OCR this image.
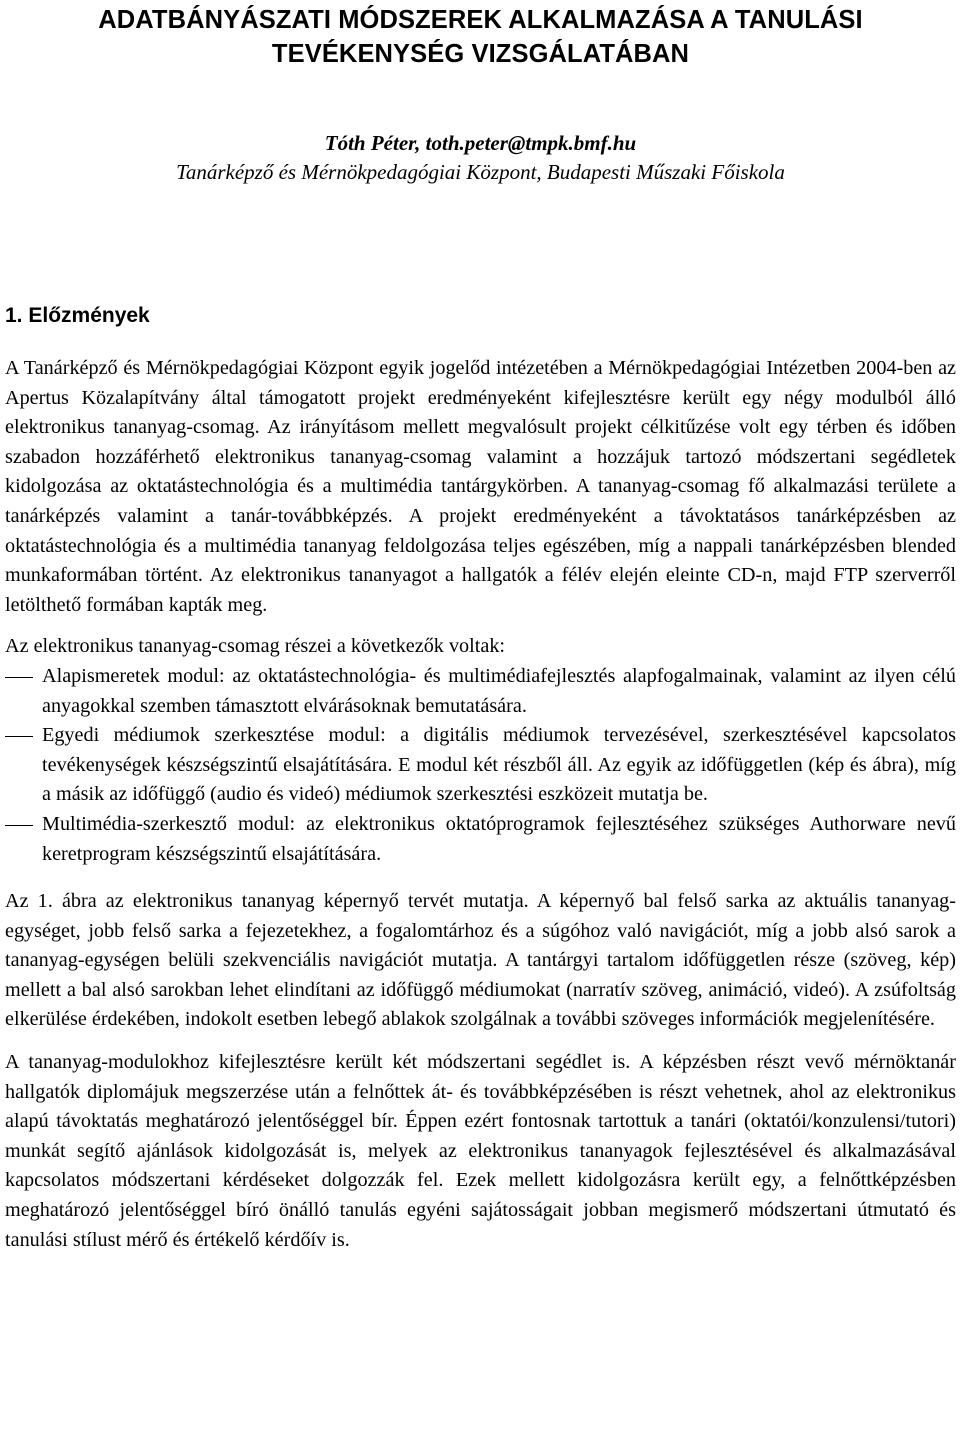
ADATBÁNYÁSZATI MÓDSZEREK ALKALMAZÁSA A TANULÁSI
TEVÉKENYSÉG VIZSGÁLATÁBAN

Tóth Péter, toth.peter@tmpk.bmf.hu

Tanárképző és Mérnökpedagógiai Központ, Budapesti Műszaki Főiskola

1. Előzmények

A Tanárképző és Mérnökpedagógiai Központ egyik jogelőd intézetében a Mérnökpedagógiai Intézetben 2004-ben az Apertus Közalapítvány által támogatott projekt eredményeként kifejlesztésre került egy négy modulból álló elektronikus tananyag-csomag. Az irányításom mellett megvalósult projekt célkitűzése volt egy térben és időben szabadon hozzáférhető elektronikus tananyag-csomag valamint a hozzájuk tartozó módszertani segédletek kidolgozása az oktatástechnológia és a multimédia tantárgykörben. A tananyag-csomag fő alkalmazási területe a tanárképzés valamint a tanár-továbbképzés. A projekt eredményeként a távoktatásos tanárképzésben az oktatástechnológia és a multimédia tananyag feldolgozása teljes egészében, míg a nappali tanárképzésben blended munkaformában történt. Az elektronikus tananyagot a hallgatók a félév elején eleinte CD-n, majd FTP szerverről letölthető formában kapták meg.

Az elektronikus tananyag-csomag részei a következők voltak:

Alapismeretek modul: az oktatástechnológia- és multimédiafejlesztés alapfogalmainak, valamint az ilyen célú anyagokkal szemben támasztott elvárásoknak bemutatására.
Egyedi médiumok szerkesztése modul: a digitális médiumok tervezésével, szerkesztésével kapcsolatos tevékenységek készségszintű elsajátítására. E modul két részből áll. Az egyik az időfüggetlen (kép és ábra), míg a másik az időfüggő (audio és videó) médiumok szerkesztési eszközeit mutatja be.
Multimédia-szerkesztő modul: az elektronikus oktatóprogramok fejlesztéséhez szükséges Authorware nevű keretprogram készségszintű elsajátítására.

Az 1. ábra az elektronikus tananyag képernyő tervét mutatja. A képernyő bal felső sarka az aktuális tananyag-egységet, jobb felső sarka a fejezetekhez, a fogalomtárhoz és a súgóhoz való navigációt, míg a jobb alsó sarok a tananyag-egységen belüli szekvenciális navigációt mutatja. A tantárgyi tartalom időfüggetlen része (szöveg, kép) mellett a bal alsó sarokban lehet elindítani az időfüggő médiumokat (narratív szöveg, animáció, videó). A zsúfoltság elkerülése érdekében, indokolt esetben lebegő ablakok szolgálnak a további szöveges információk megjelenítésére.

A tananyag-modulokhoz kifejlesztésre került két módszertani segédlet is. A képzésben részt vevő mérnöktanár hallgatók diplomájuk megszerzése után a felnőttek át- és továbbképzésében is részt vehetnek, ahol az elektronikus alapú távoktatás meghatározó jelentőséggel bír. Éppen ezért fontosnak tartottuk a tanári (oktatói/konzulensi/tutori) munkát segítő ajánlások kidolgozását is, melyek az elektronikus tananyagok fejlesztésével és alkalmazásával kapcsolatos módszertani kérdéseket dolgozzák fel. Ezek mellett kidolgozásra került egy, a felnőttképzésben meghatározó jelentőséggel bíró önálló tanulás egyéni sajátosságait jobban megismerő módszertani útmutató és tanulási stílust mérő és értékelő kérdőív is.
